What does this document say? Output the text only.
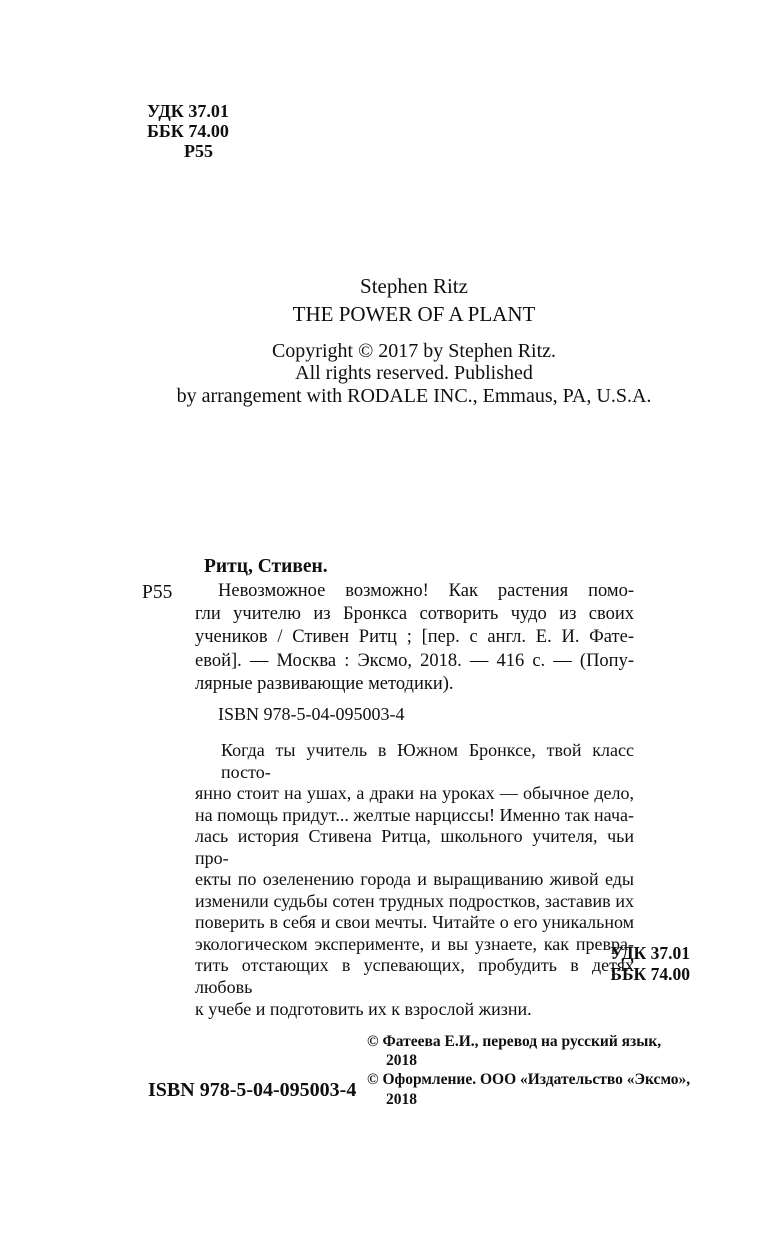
УДК 37.01
ББК 74.00
Р55
Stephen Ritz
THE POWER OF A PLANT
Copyright © 2017 by Stephen Ritz.
All rights reserved. Published
by arrangement with RODALE INC., Emmaus, PA, U.S.A.
Ритц, Стивен.
Р55	Невозможное возможно! Как растения помо-
гли учителю из Бронкса сотворить чудо из своих
учеников / Стивен Ритц ; [пер. с англ. Е. И. Фате-
евой]. — Москва : Эксмо, 2018. — 416 с. — (Попу-
лярные развивающие методики).
ISBN 978-5-04-095003-4
Когда ты учитель в Южном Бронксе, твой класс посто-
янно стоит на ушах, а драки на уроках — обычное дело,
на помощь придут... желтые нарциссы! Именно так нача-
лась история Стивена Ритца, школьного учителя, чьи про-
екты по озеленению города и выращиванию живой еды
изменили судьбы сотен трудных подростков, заставив их
поверить в себя и свои мечты. Читайте о его уникальном
экологическом эксперименте, и вы узнаете, как превра-
тить отстающих в успевающих, пробудить в детях любовь
к учебе и подготовить их к взрослой жизни.
УДК 37.01
ББК 74.00
ISBN 978-5-04-095003-4
© Фатеева Е.И., перевод на русский язык,
2018
© Оформление. ООО «Издательство «Эксмо»,
2018
